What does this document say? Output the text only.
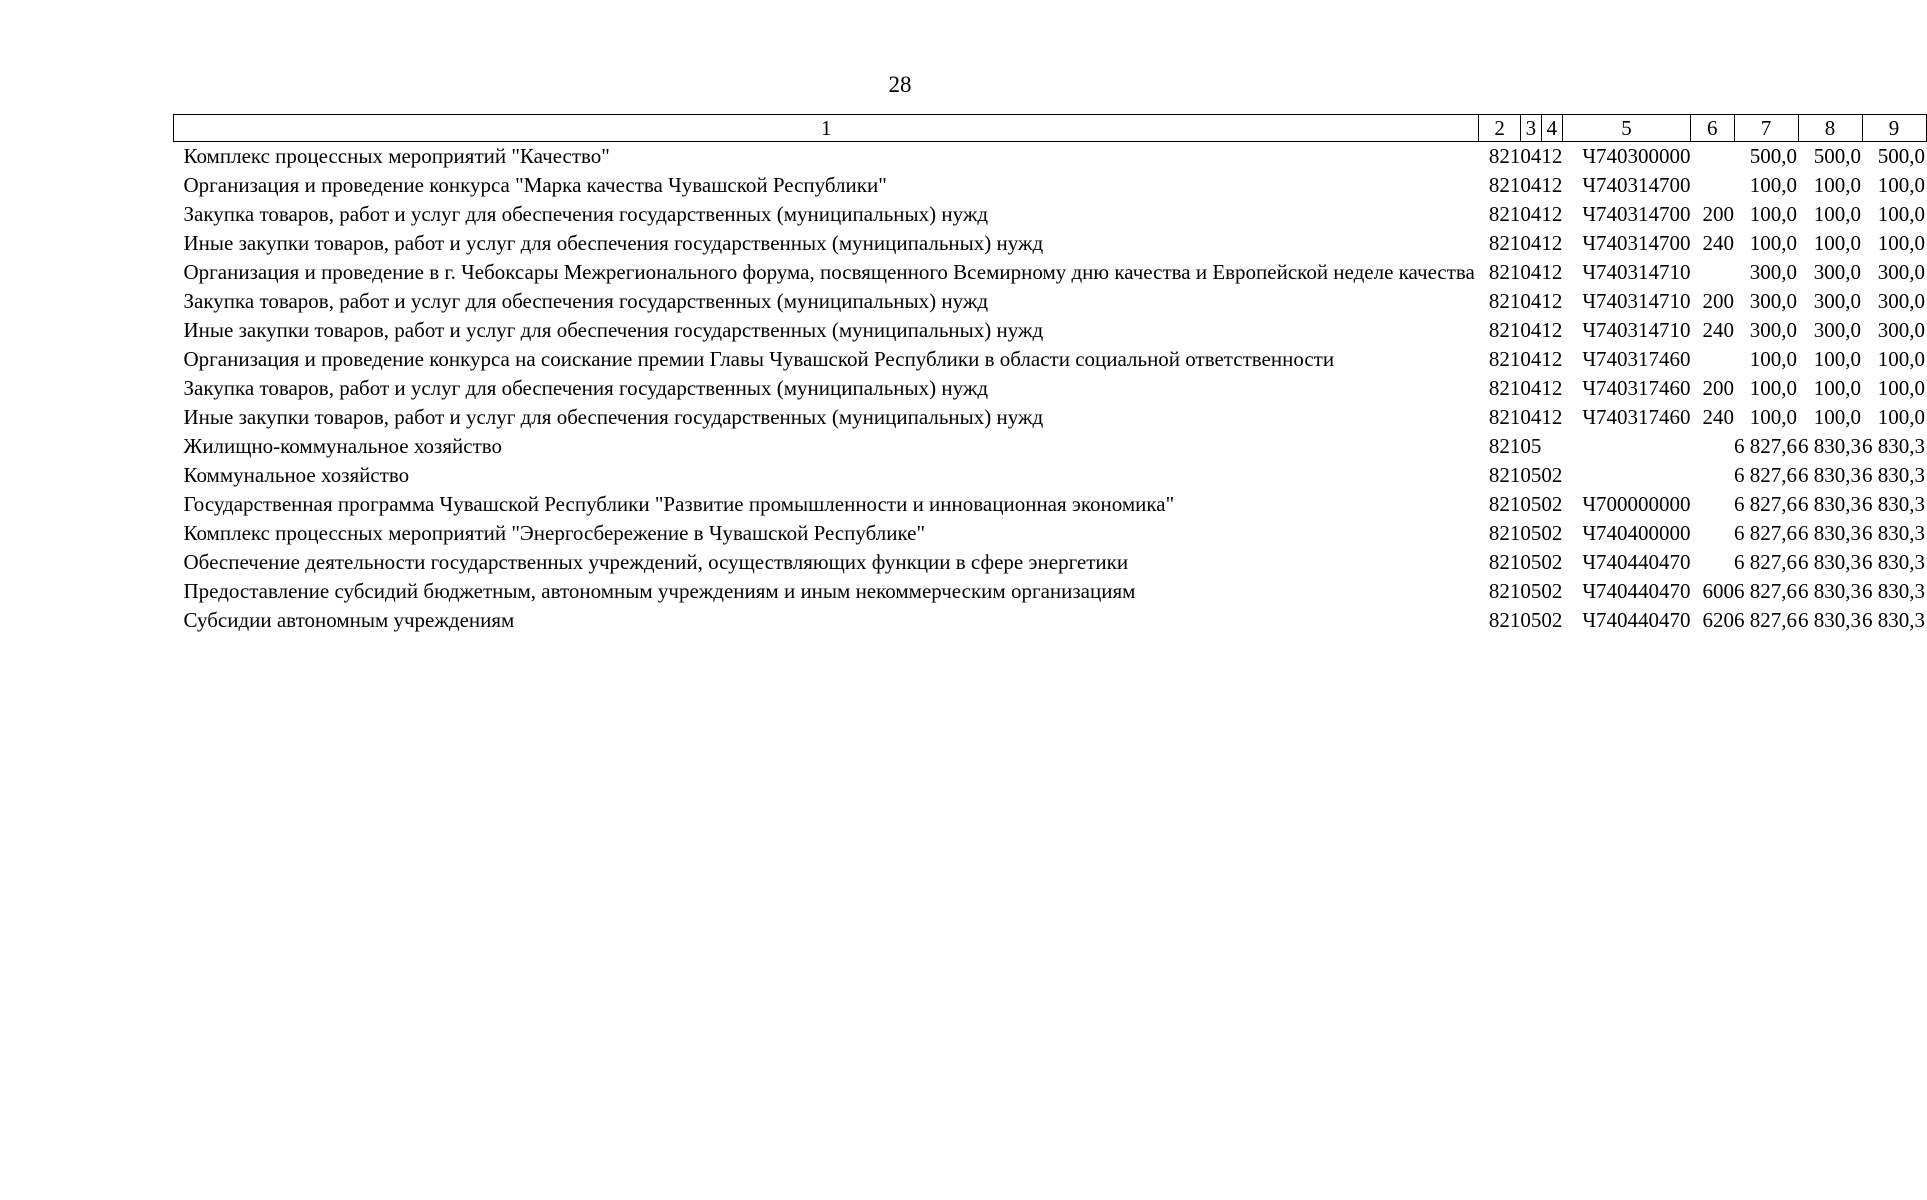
28
1	2	3	4	5	6	7	8	9
Комплекс процессных мероприятий "Качество"	821	04	12	Ч740300000		500,0	500,0	500,0
Организация и проведение конкурса "Марка качества Чувашской Республики"	821	04	12	Ч740314700		100,0	100,0	100,0
Закупка товаров, работ и услуг для обеспечения государственных (муниципальных) нужд	821	04	12	Ч740314700	200	100,0	100,0	100,0
Иные закупки товаров, работ и услуг для обеспечения государственных (муниципальных) нужд	821	04	12	Ч740314700	240	100,0	100,0	100,0
Организация и проведение в г. Чебоксары Межрегионального форума, посвященного Всемирному дню качества и Европейской неделе качества	821	04	12	Ч740314710		300,0	300,0	300,0
Закупка товаров, работ и услуг для обеспечения государственных (муниципальных) нужд	821	04	12	Ч740314710	200	300,0	300,0	300,0
Иные закупки товаров, работ и услуг для обеспечения государственных (муниципальных) нужд	821	04	12	Ч740314710	240	300,0	300,0	300,0
Организация и проведение конкурса на соискание премии Главы Чувашской Республики в области социальной ответственности	821	04	12	Ч740317460		100,0	100,0	100,0
Закупка товаров, работ и услуг для обеспечения государственных (муниципальных) нужд	821	04	12	Ч740317460	200	100,0	100,0	100,0
Иные закупки товаров, работ и услуг для обеспечения государственных (муниципальных) нужд	821	04	12	Ч740317460	240	100,0	100,0	100,0
Жилищно-коммунальное хозяйство	821	05				6 827,6	6 830,3	6 830,3
Коммунальное хозяйство	821	05	02			6 827,6	6 830,3	6 830,3
Государственная программа Чувашской Республики "Развитие промышленности и инновационная экономика"	821	05	02	Ч700000000		6 827,6	6 830,3	6 830,3
Комплекс процессных мероприятий "Энергосбережение в Чувашской Республике"	821	05	02	Ч740400000		6 827,6	6 830,3	6 830,3
Обеспечение деятельности государственных учреждений, осуществляющих функции в сфере энергетики	821	05	02	Ч740440470		6 827,6	6 830,3	6 830,3
Предоставление субсидий бюджетным, автономным учреждениям и иным некоммерческим организациям	821	05	02	Ч740440470	600	6 827,6	6 830,3	6 830,3
Субсидии автономным учреждениям	821	05	02	Ч740440470	620	6 827,6	6 830,3	6 830,3
